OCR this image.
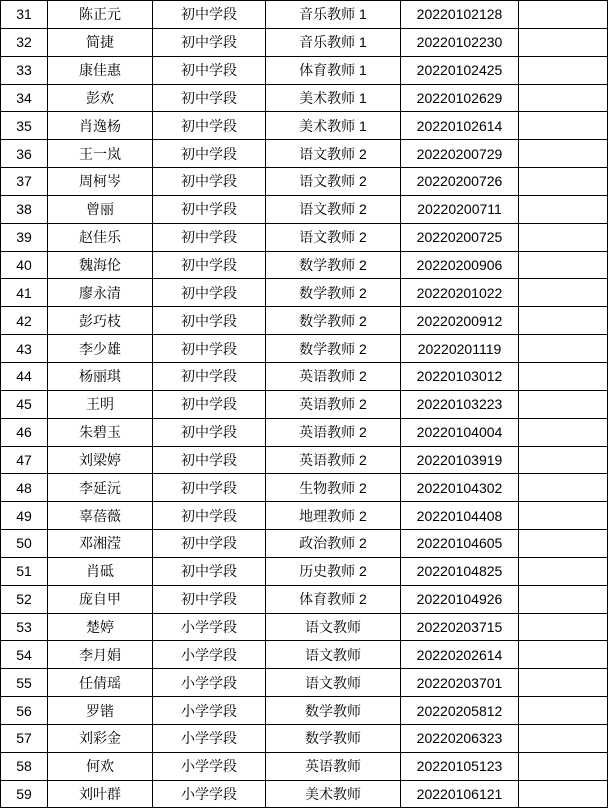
31	陈正元	初中学段	音乐教师 1	20220102128	
32	简捷	初中学段	音乐教师 1	20220102230	
33	康佳惠	初中学段	体育教师 1	20220102425	
34	彭欢	初中学段	美术教师 1	20220102629	
35	肖逸杨	初中学段	美术教师 1	20220102614	
36	王一岚	初中学段	语文教师 2	20220200729	
37	周柯岑	初中学段	语文教师 2	20220200726	
38	曾丽	初中学段	语文教师 2	20220200711	
39	赵佳乐	初中学段	语文教师 2	20220200725	
40	魏海伦	初中学段	数学教师 2	20220200906	
41	廖永清	初中学段	数学教师 2	20220201022	
42	彭巧枝	初中学段	数学教师 2	20220200912	
43	李少雄	初中学段	数学教师 2	20220201119	
44	杨丽琪	初中学段	英语教师 2	20220103012	
45	王明	初中学段	英语教师 2	20220103223	
46	朱碧玉	初中学段	英语教师 2	20220104004	
47	刘梁婷	初中学段	英语教师 2	20220103919	
48	李延沅	初中学段	生物教师 2	20220104302	
49	辜蓓薇	初中学段	地理教师 2	20220104408	
50	邓湘滢	初中学段	政治教师 2	20220104605	
51	肖砥	初中学段	历史教师 2	20220104825	
52	庞自甲	初中学段	体育教师 2	20220104926	
53	楚婷	小学学段	语文教师	20220203715	
54	李月娟	小学学段	语文教师	20220202614	
55	任倩瑶	小学学段	语文教师	20220203701	
56	罗锴	小学学段	数学教师	20220205812	
57	刘彩金	小学学段	数学教师	20220206323	
58	何欢	小学学段	英语教师	20220105123	
59	刘叶群	小学学段	美术教师	20220106121	
